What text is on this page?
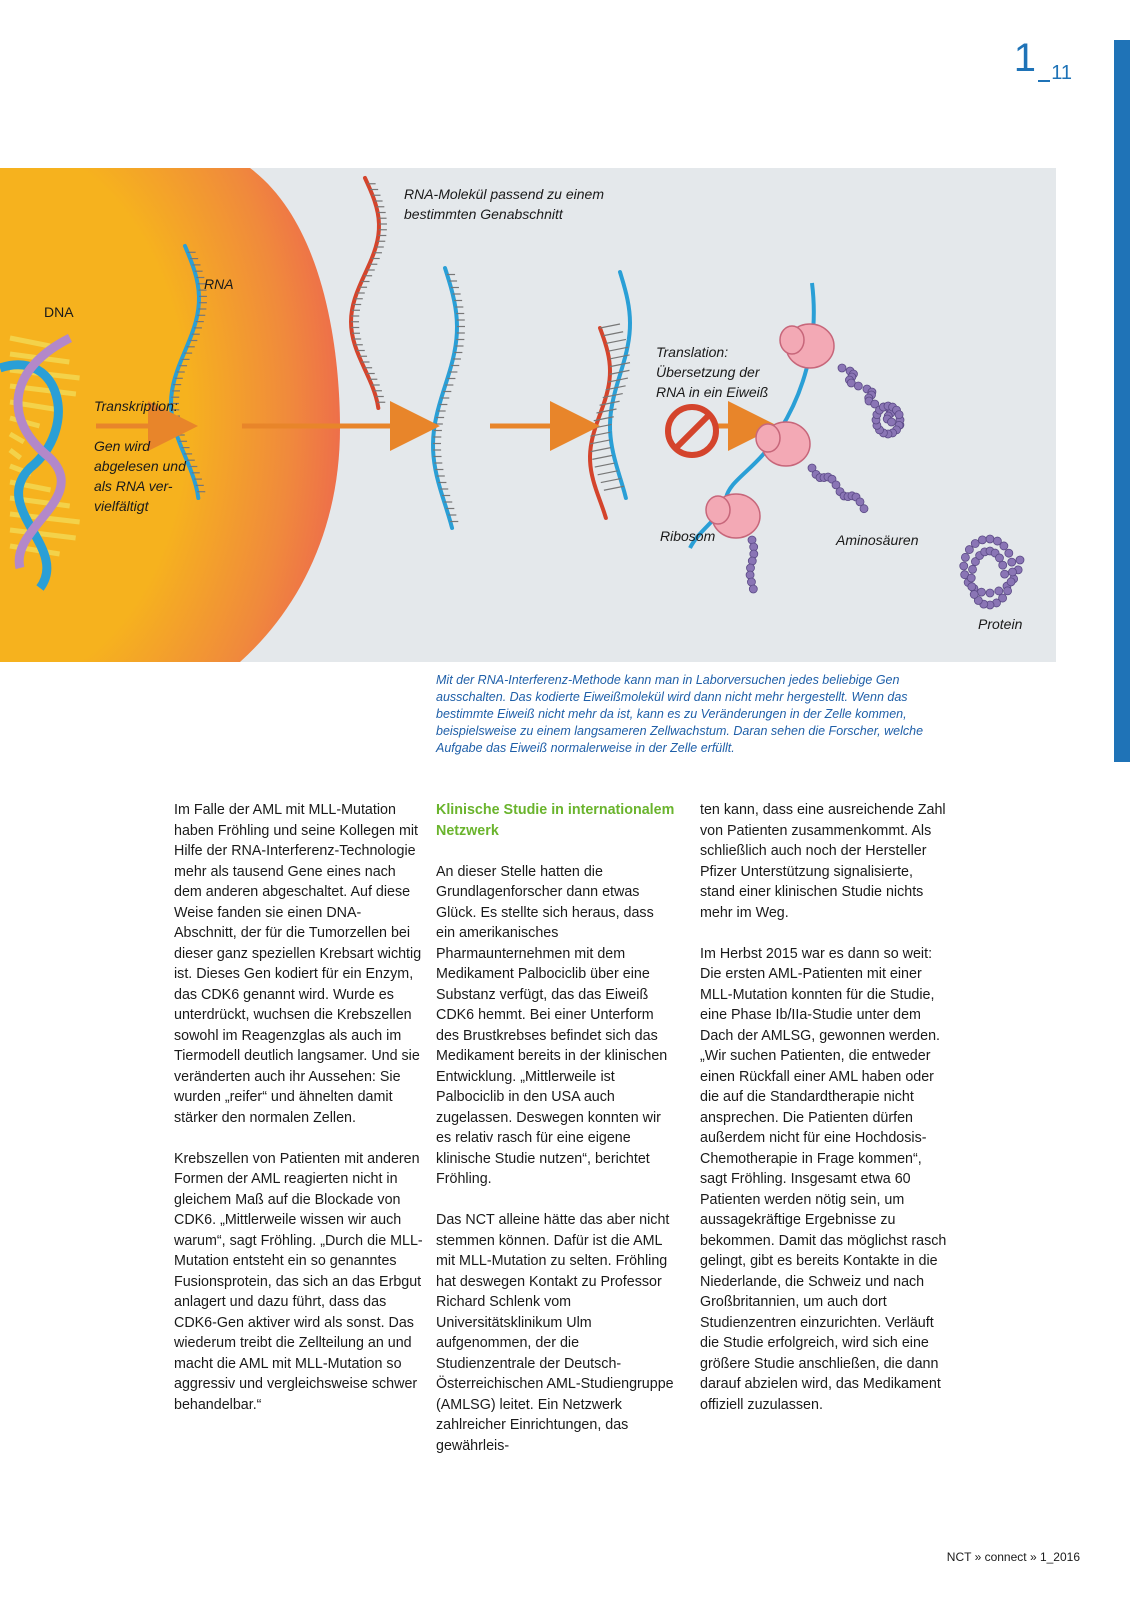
1 11
DNA
RNA
RNA-Molekül passend zu einem
bestimmten Genabschnitt
Transkription:
Gen wird
abgelesen und
als RNA ver-
vielfältigt
Translation:
Übersetzung der
RNA in ein Eiweiß
Ribosom	Aminosäuren
Protein
Mit der RNA-Interferenz-Methode kann man in Laborversuchen jedes beliebige Gen ausschalten. Das kodierte Eiweißmolekül wird dann nicht mehr hergestellt. Wenn das bestimmte Eiweiß nicht mehr da ist, kann es zu Veränderungen in der Zelle kommen, beispielsweise zu einem langsameren Zellwachstum. Daran sehen die Forscher, welche Aufgabe das Eiweiß normalerweise in der Zelle erfüllt.

Im Falle der AML mit MLL-Mutation haben Fröhling und seine Kollegen mit Hilfe der RNA-Interferenz-Technologie mehr als tausend Gene eines nach dem anderen abgeschaltet. Auf diese Weise fanden sie einen DNA-Abschnitt, der für die Tumorzellen bei dieser ganz speziellen Krebsart wichtig ist. Dieses Gen kodiert für ein Enzym, das CDK6 genannt wird. Wurde es unterdrückt, wuchsen die Krebszellen sowohl im Reagenzglas als auch im Tiermodell deutlich langsamer. Und sie veränderten auch ihr Aussehen: Sie wurden „reifer“ und ähnelten damit stärker den normalen Zellen.

Krebszellen von Patienten mit anderen Formen der AML reagierten nicht in gleichem Maß auf die Blockade von CDK6. „Mittlerweile wissen wir auch warum“, sagt Fröhling. „Durch die MLL-Mutation entsteht ein so genanntes Fusionsprotein, das sich an das Erbgut anlagert und dazu führt, dass das CDK6-Gen aktiver wird als sonst. Das wiederum treibt die Zellteilung an und macht die AML mit MLL-Mutation so aggressiv und vergleichsweise schwer behandelbar.“

Klinische Studie in internationalem Netzwerk

An dieser Stelle hatten die Grundlagenforscher dann etwas Glück. Es stellte sich heraus, dass ein amerikanisches Pharmaunternehmen mit dem Medikament Palbociclib über eine Substanz verfügt, das das Eiweiß CDK6 hemmt. Bei einer Unterform des Brustkrebses befindet sich das Medikament bereits in der klinischen Entwicklung. „Mittlerweile ist Palbociclib in den USA auch zugelassen. Deswegen konnten wir es relativ rasch für eine eigene klinische Studie nutzen“, berichtet Fröhling.

Das NCT alleine hätte das aber nicht stemmen können. Dafür ist die AML mit MLL-Mutation zu selten. Fröhling hat deswegen Kontakt zu Professor Richard Schlenk vom Universitätsklinikum Ulm aufgenommen, der die Studienzentrale der Deutsch-Österreichischen AML-Studiengruppe (AMLSG) leitet. Ein Netzwerk zahlreicher Einrichtungen, das gewährleis-

ten kann, dass eine ausreichende Zahl von Patienten zusammenkommt. Als schließlich auch noch der Hersteller Pfizer Unterstützung signalisierte, stand einer klinischen Studie nichts mehr im Weg.

Im Herbst 2015 war es dann so weit: Die ersten AML-Patienten mit einer MLL-Mutation konnten für die Studie, eine Phase Ib/IIa-Studie unter dem Dach der AMLSG, gewonnen werden. „Wir suchen Patienten, die entweder einen Rückfall einer AML haben oder die auf die Standardtherapie nicht ansprechen. Die Patienten dürfen außerdem nicht für eine Hochdosis-Chemotherapie in Frage kommen“, sagt Fröhling. Insgesamt etwa 60 Patienten werden nötig sein, um aussagekräftige Ergebnisse zu bekommen. Damit das möglichst rasch gelingt, gibt es bereits Kontakte in die Niederlande, die Schweiz und nach Großbritannien, um auch dort Studienzentren einzurichten. Verläuft die Studie erfolgreich, wird sich eine größere Studie anschließen, die dann darauf abzielen wird, das Medikament offiziell zuzulassen.

NCT » connect » 1_2016
